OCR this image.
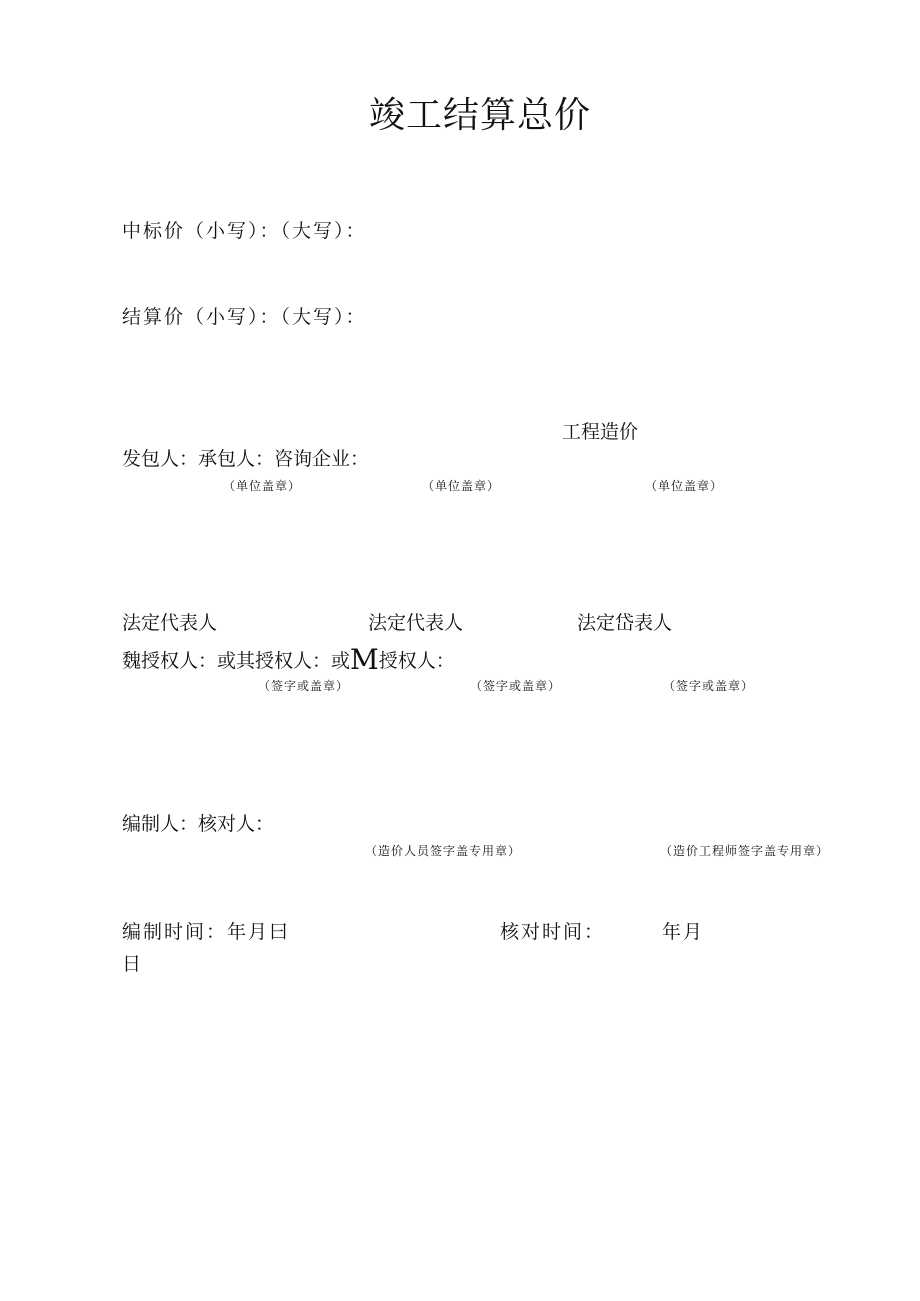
竣工结算总价
中标价（小写）：（大写）：
结算价（小写）：（大写）：
工程造价
发包人：承包人：咨询企业：
（单位盖章）	（单位盖章）	（单位盖章）
法定代表人	法定代表人	法定岱表人
魏授权人：或其授权人：或M授权人：
（签字或盖章）	（签字或盖章）	（签字或盖章）
编制人：核对人：
（造价人员签字盖专用章）	（造价工程师签字盖专用章）
编制时间：年月曰	核对时间：	年月
日
